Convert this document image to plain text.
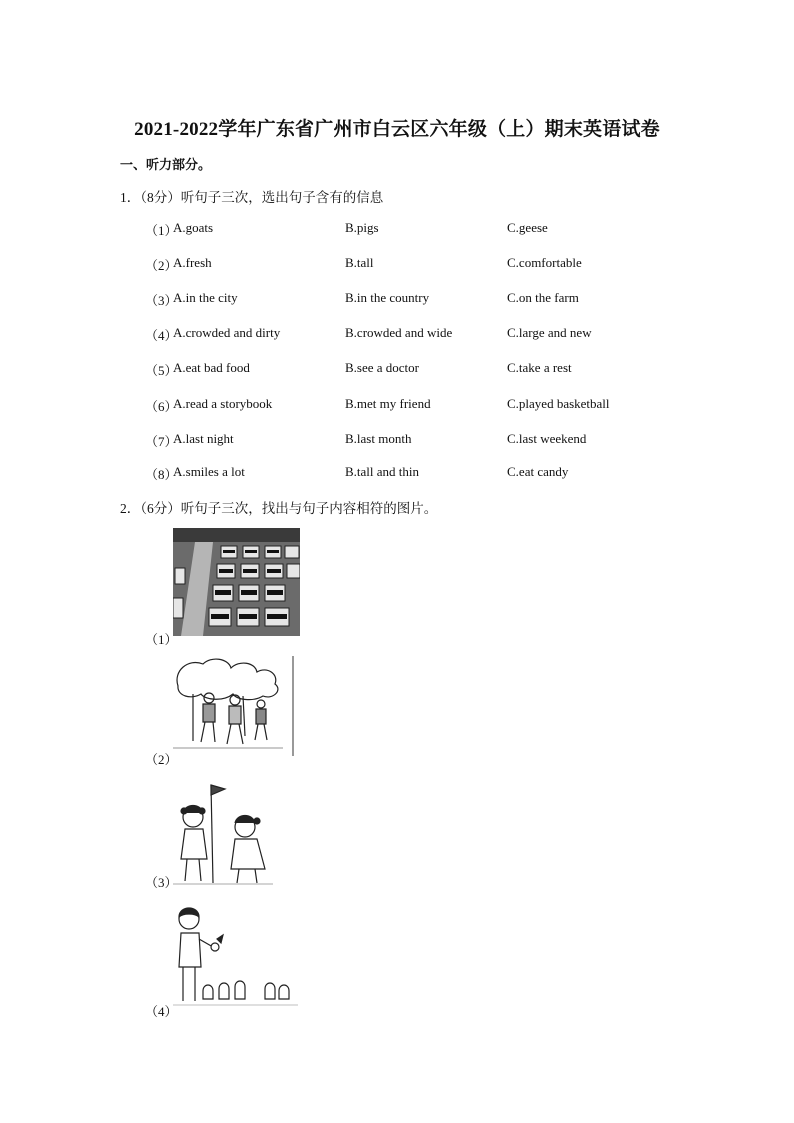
2021-2022学年广东省广州市白云区六年级（上）期末英语试卷
一、听力部分。
1．（8分）听句子三次，选出句子含有的信息
（1）
A.goats	B.pigs	C.geese
（2）
A.fresh	B.tall	C.comfortable
（3）
A.in the city	B.in the country	C.on the farm
（4）
A.crowded and dirty	B.crowded and wide	C.large and new
（5）
A.eat bad food	B.see a doctor	C.take a rest
（6）
A.read a storybook	B.met my friend	C.played basketball
（7）
A.last night	B.last month	C.last weekend
（8）
A.smiles a lot	B.tall and thin	C.eat candy
2．（6分）听句子三次，找出与句子内容相符的图片。
（1）
（2）
（3）
（4）
